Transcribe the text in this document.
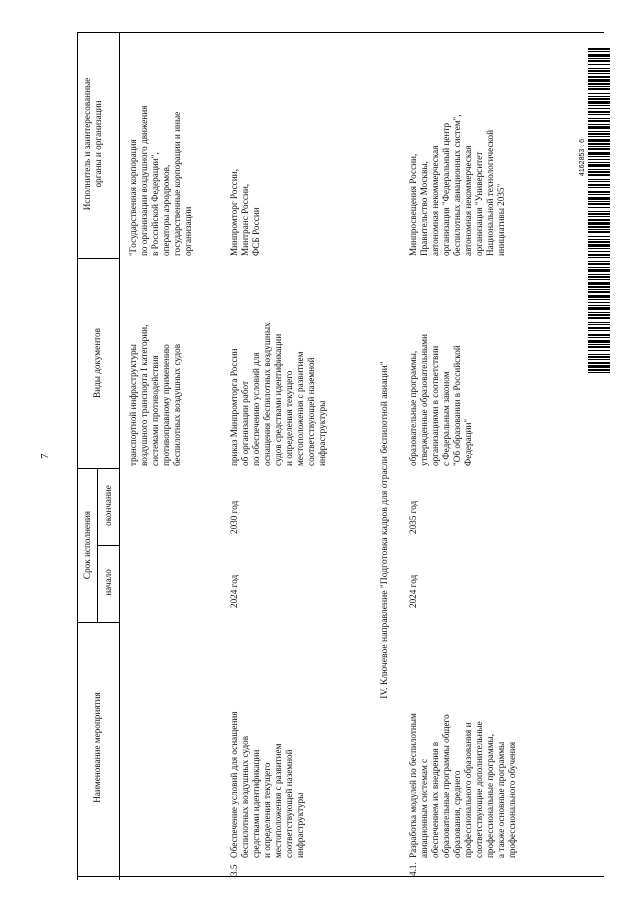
7
Наименование мероприятия
Срок исполнения
начало
окончание
Виды документов
Исполнитель и заинтересованные
органы и организации
транспортной инфраструктуры
воздушного транспорта I категории,
системами противодействия
противоправному применению
беспилотных воздушных судов
"Государственная корпорация
по организации воздушного движения
в Российской Федерации",
операторы аэродромов,
государственные корпорации и иные
организации
3.5
Обеспечение условий для оснащения
беспилотных воздушных судов
средствами идентификации
и определения текущего
местоположения с развитием
соответствующей наземной
инфраструктуры
2024 год
2030 год
приказ Минпромторга России
об организации работ
по обеспечению условий для
оснащения беспилотных воздушных
судов средствами идентификации
и определения текущего
местоположения с развитием
соответствующей наземной
инфраструктуры
Минпромторг России,
Минтранс России,
ФСБ России
IV. Ключевое направление "Подготовка кадров для отрасли беспилотной авиации"
4.1.
Разработка модулей по беспилотным
авиационным системам с
обеспечением их внедрения в
образовательные программы общего
образования, среднего
профессионального образования и
соответствующие дополнительные
профессиональные программы,
а также основные программы
профессионального обучения
2024 год
2035 год
образовательные программы,
утвержденные образовательными
организациями в соответствии
с Федеральным законом
"Об образовании в Российской
Федерации"
Минпросвещения России,
Правительство Москвы,
автономная некоммерческая
организация "Федеральный центр
беспилотных авиационных систем",
автономная некоммерческая
организация "Университет
Национальной технологической
инициативы 2035"
4162853 . 6
